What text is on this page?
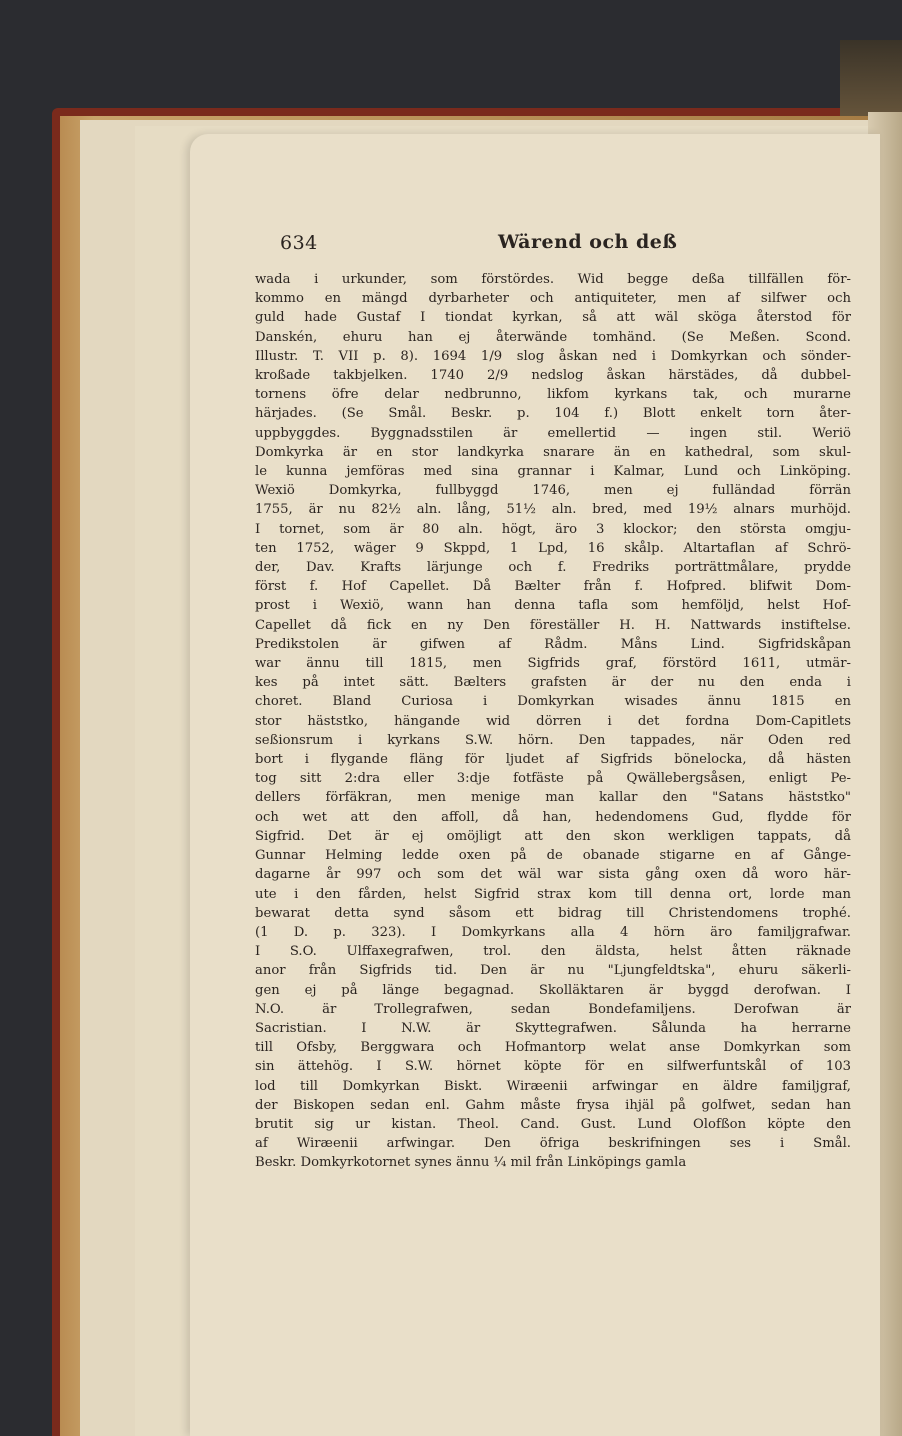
634	Wärend och deß
wada i urkunder, som förstördes. Wid begge deßa tillfällen för-
kommo en mängd dyrbarheter och antiquiteter, men af silfwer och
guld hade Gustaf I tiondat kyrkan, så att wäl sköga återstod för
Danskén, ehuru han ej återwände tomhänd. (Se Meßen. Scond.
Illustr. T. VII p. 8). 1694 1/9 slog åskan ned i Domkyrkan och sönder-
kroßade takbjelken. 1740 2/9 nedslog åskan härstädes, då dubbel-
tornens öfre delar nedbrunno, likfom kyrkans tak, och murarne
härjades. (Se Smål. Beskr. p. 104 f.) Blott enkelt torn åter-
uppbyggdes. Byggnadsstilen är emellertid — ingen stil. Weriö
Domkyrka är en stor landkyrka snarare än en kathedral, som skul-
le kunna jemföras med sina grannar i Kalmar, Lund och Linköping.
Wexiö Domkyrka, fullbyggd 1746, men ej fulländad förrän
1755, är nu 82½ aln. lång, 51½ aln. bred, med 19½ alnars murhöjd.
I tornet, som är 80 aln. högt, äro 3 klockor; den största omgju-
ten 1752, wäger 9 Skppd, 1 Lpd, 16 skålp. Altartaflan af Schrö-
der, Dav. Krafts lärjunge och f. Fredriks porträttmålare, prydde
först f. Hof Capellet. Då Bælter från f. Hofpred. blifwit Dom-
prost i Wexiö, wann han denna tafla som hemföljd, helst Hof-
Capellet då fick en ny Den föreställer H. H. Nattwards instiftelse.
Predikstolen är gifwen af Rådm. Måns Lind. Sigfridskåpan
war ännu till 1815, men Sigfrids graf, förstörd 1611, utmär-
kes på intet sätt. Bælters grafsten är der nu den enda i
choret. Bland Curiosa i Domkyrkan wisades ännu 1815 en
stor häststko, hängande wid dörren i det fordna Dom-Capitlets
seßionsrum i kyrkans S.W. hörn. Den tappades, när Oden red
bort i flygande fläng för ljudet af Sigfrids bönelocka, då hästen
tog sitt 2:dra eller 3:dje fotfäste på Qwällebergsåsen, enligt Pe-
dellers förfäkran, men menige man kallar den "Satans häststko"
och wet att den affoll, då han, hedendomens Gud, flydde för
Sigfrid. Det är ej omöjligt att den skon werkligen tappats, då
Gunnar Helming ledde oxen på de obanade stigarne en af Gånge-
dagarne år 997 och som det wäl war sista gång oxen då woro här-
ute i den fården, helst Sigfrid strax kom till denna ort, lorde man
bewarat detta synd såsom ett bidrag till Christendomens trophé.
(1 D. p. 323). I Domkyrkans alla 4 hörn äro familjgrafwar.
I S.O. Ulffaxegrafwen, trol. den äldsta, helst åtten räknade
anor från Sigfrids tid. Den är nu "Ljungfeldtska", ehuru säkerli-
gen ej på länge begagnad. Skolläktaren är byggd derofwan. I
N.O. är Trollegrafwen, sedan Bondefamiljens. Derofwan är
Sacristian. I N.W. är Skyttegrafwen. Sålunda ha herrarne
till Ofsby, Berggwara och Hofmantorp welat anse Domkyrkan som
sin ättehög. I S.W. hörnet köpte för en silfwerfuntskål of 103
lod till Domkyrkan Biskt. Wiræenii arfwingar en äldre familjgraf,
der Biskopen sedan enl. Gahm måste frysa ihjäl på golfwet, sedan han
brutit sig ur kistan. Theol. Cand. Gust. Lund Olofßon köpte den
af Wiræenii arfwingar. Den öfriga beskrifningen ses i Smål.
Beskr. Domkyrkotornet synes ännu ¼ mil från Linköpings gamla
